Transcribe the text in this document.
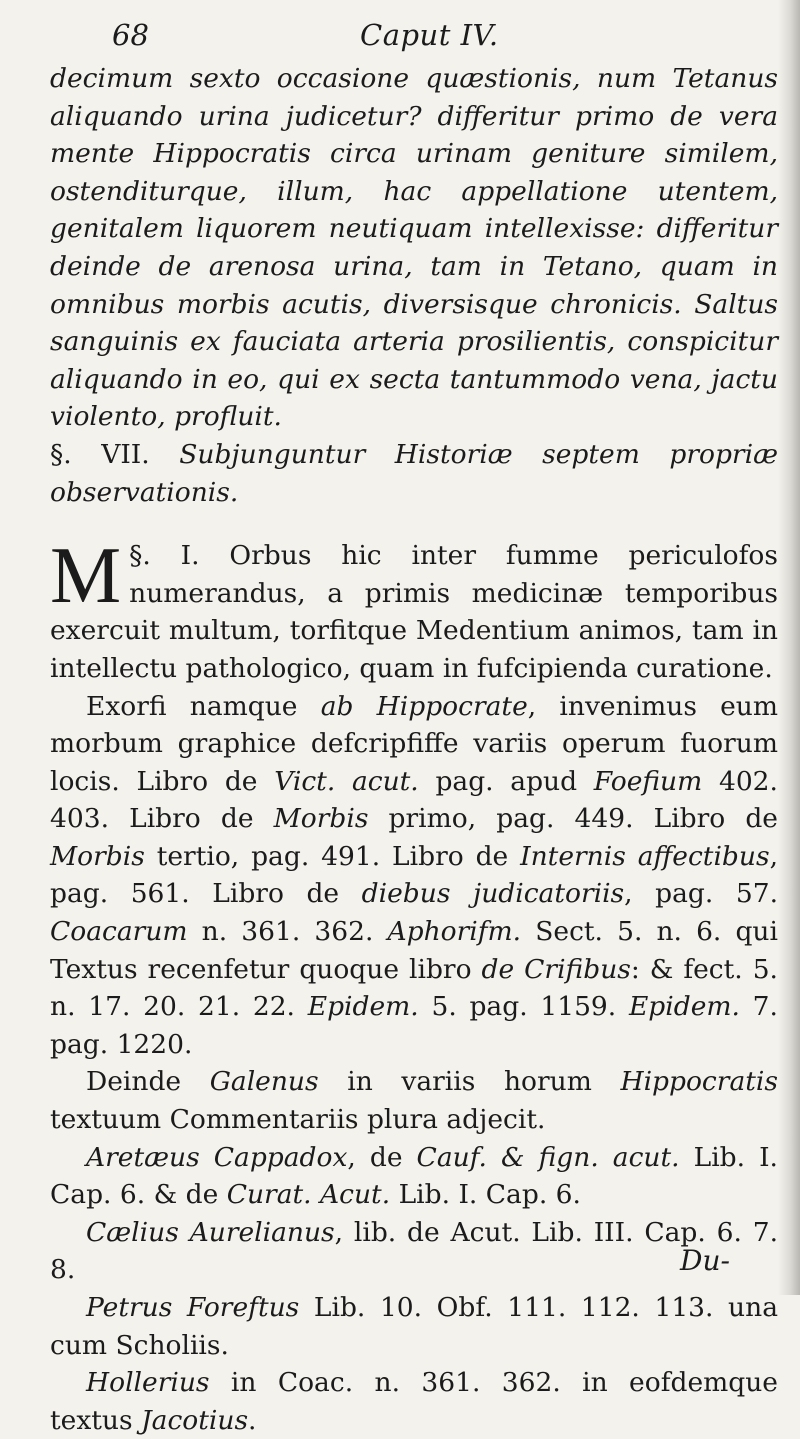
68	Caput IV.

decimum sexto occasione quæstionis, num Tetanus aliquando urina judicetur? differitur primo de vera mente Hippocratis circa urinam geniture similem, ostenditurque, illum, hac appellatione utentem, genitalem liquorem neutiquam intellexisse: differitur deinde de arenosa urina, tam in Tetano, quam in omnibus morbis acutis, diversisque chronicis. Saltus sanguinis ex fauciata arteria prosilientis, conspicitur aliquando in eo, qui ex secta tantummodo vena, jactu violento, profluit.

§. VII. Subjunguntur Historiæ septem propriæ observationis.

§. I.
M	Orbus hic inter fumme periculofos numerandus, a primis medicinæ temporibus exercuit multum, torfitque Medentium animos, tam in intellectu pathologico, quam in fufcipienda curatione.

Exorfi namque ab Hippocrate, invenimus eum morbum graphice defcripfiffe variis operum fuorum locis. Libro de Vict. acut. pag. apud Foefium 402. 403. Libro de Morbis primo, pag. 449. Libro de Morbis tertio, pag. 491. Libro de Internis affectibus, pag. 561. Libro de diebus judicatoriis, pag. 57. Coacarum n. 361. 362. Aphorifm. Sect. 5. n. 6. qui Textus recenfetur quoque libro de Crifibus: & fect. 5. n. 17. 20. 21. 22. Epidem. 5. pag. 1159. Epidem. 7. pag. 1220.

Deinde Galenus in variis horum Hippocratis textuum Commentariis plura adjecit.

Aretæus Cappadox, de Cauf. & fign. acut. Lib. I. Cap. 6. & de Curat. Acut. Lib. I. Cap. 6.

Cælius Aurelianus, lib. de Acut. Lib. III. Cap. 6. 7. 8.

Petrus Foreftus Lib. 10. Obf. 111. 112. 113. una cum Scholiis.

Hollerius in Coac. n. 361. 362. in eofdemque textus Jacotius.

Du-
